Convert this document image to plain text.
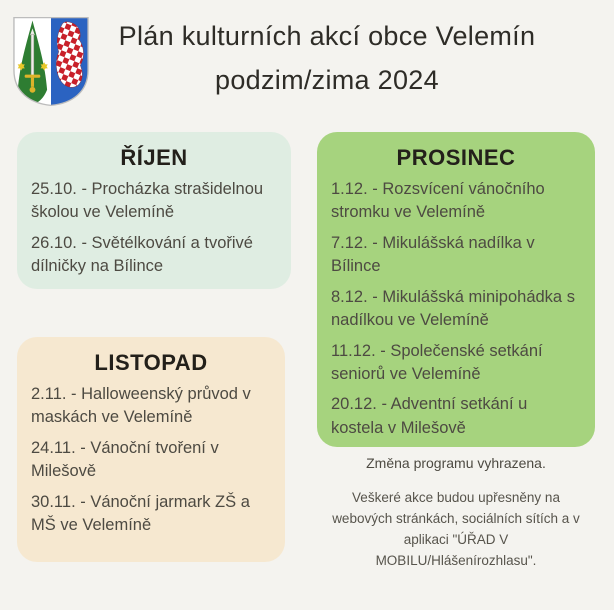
Plán kulturních akcí obce Velemín
podzim/zima 2024
ŘÍJEN

25.10. - Procházka strašidelnou školou ve Velemíně

26.10. - Světélkování a tvořivé dílničky na Bílince

LISTOPAD

2.11. - Halloweenský průvod v maskách ve Velemíně

24.11. - Vánoční tvoření v Milešově

30.11. - Vánoční jarmark ZŠ a MŠ ve Velemíně

PROSINEC

1.12. - Rozsvícení vánočního stromku ve Velemíně

7.12. - Mikulášská nadílka v Bílince

8.12. - Mikulášská minipohádka s nadílkou ve Velemíně

11.12. - Společenské setkání seniorů ve Velemíně

20.12. - Adventní setkání u kostela v Milešově

Změna programu vyhrazena.

Veškeré akce budou upřesněny na webových stránkách, sociálních sítích a v aplikaci "ÚŘAD V MOBILU/Hlášenírozhlasu".
